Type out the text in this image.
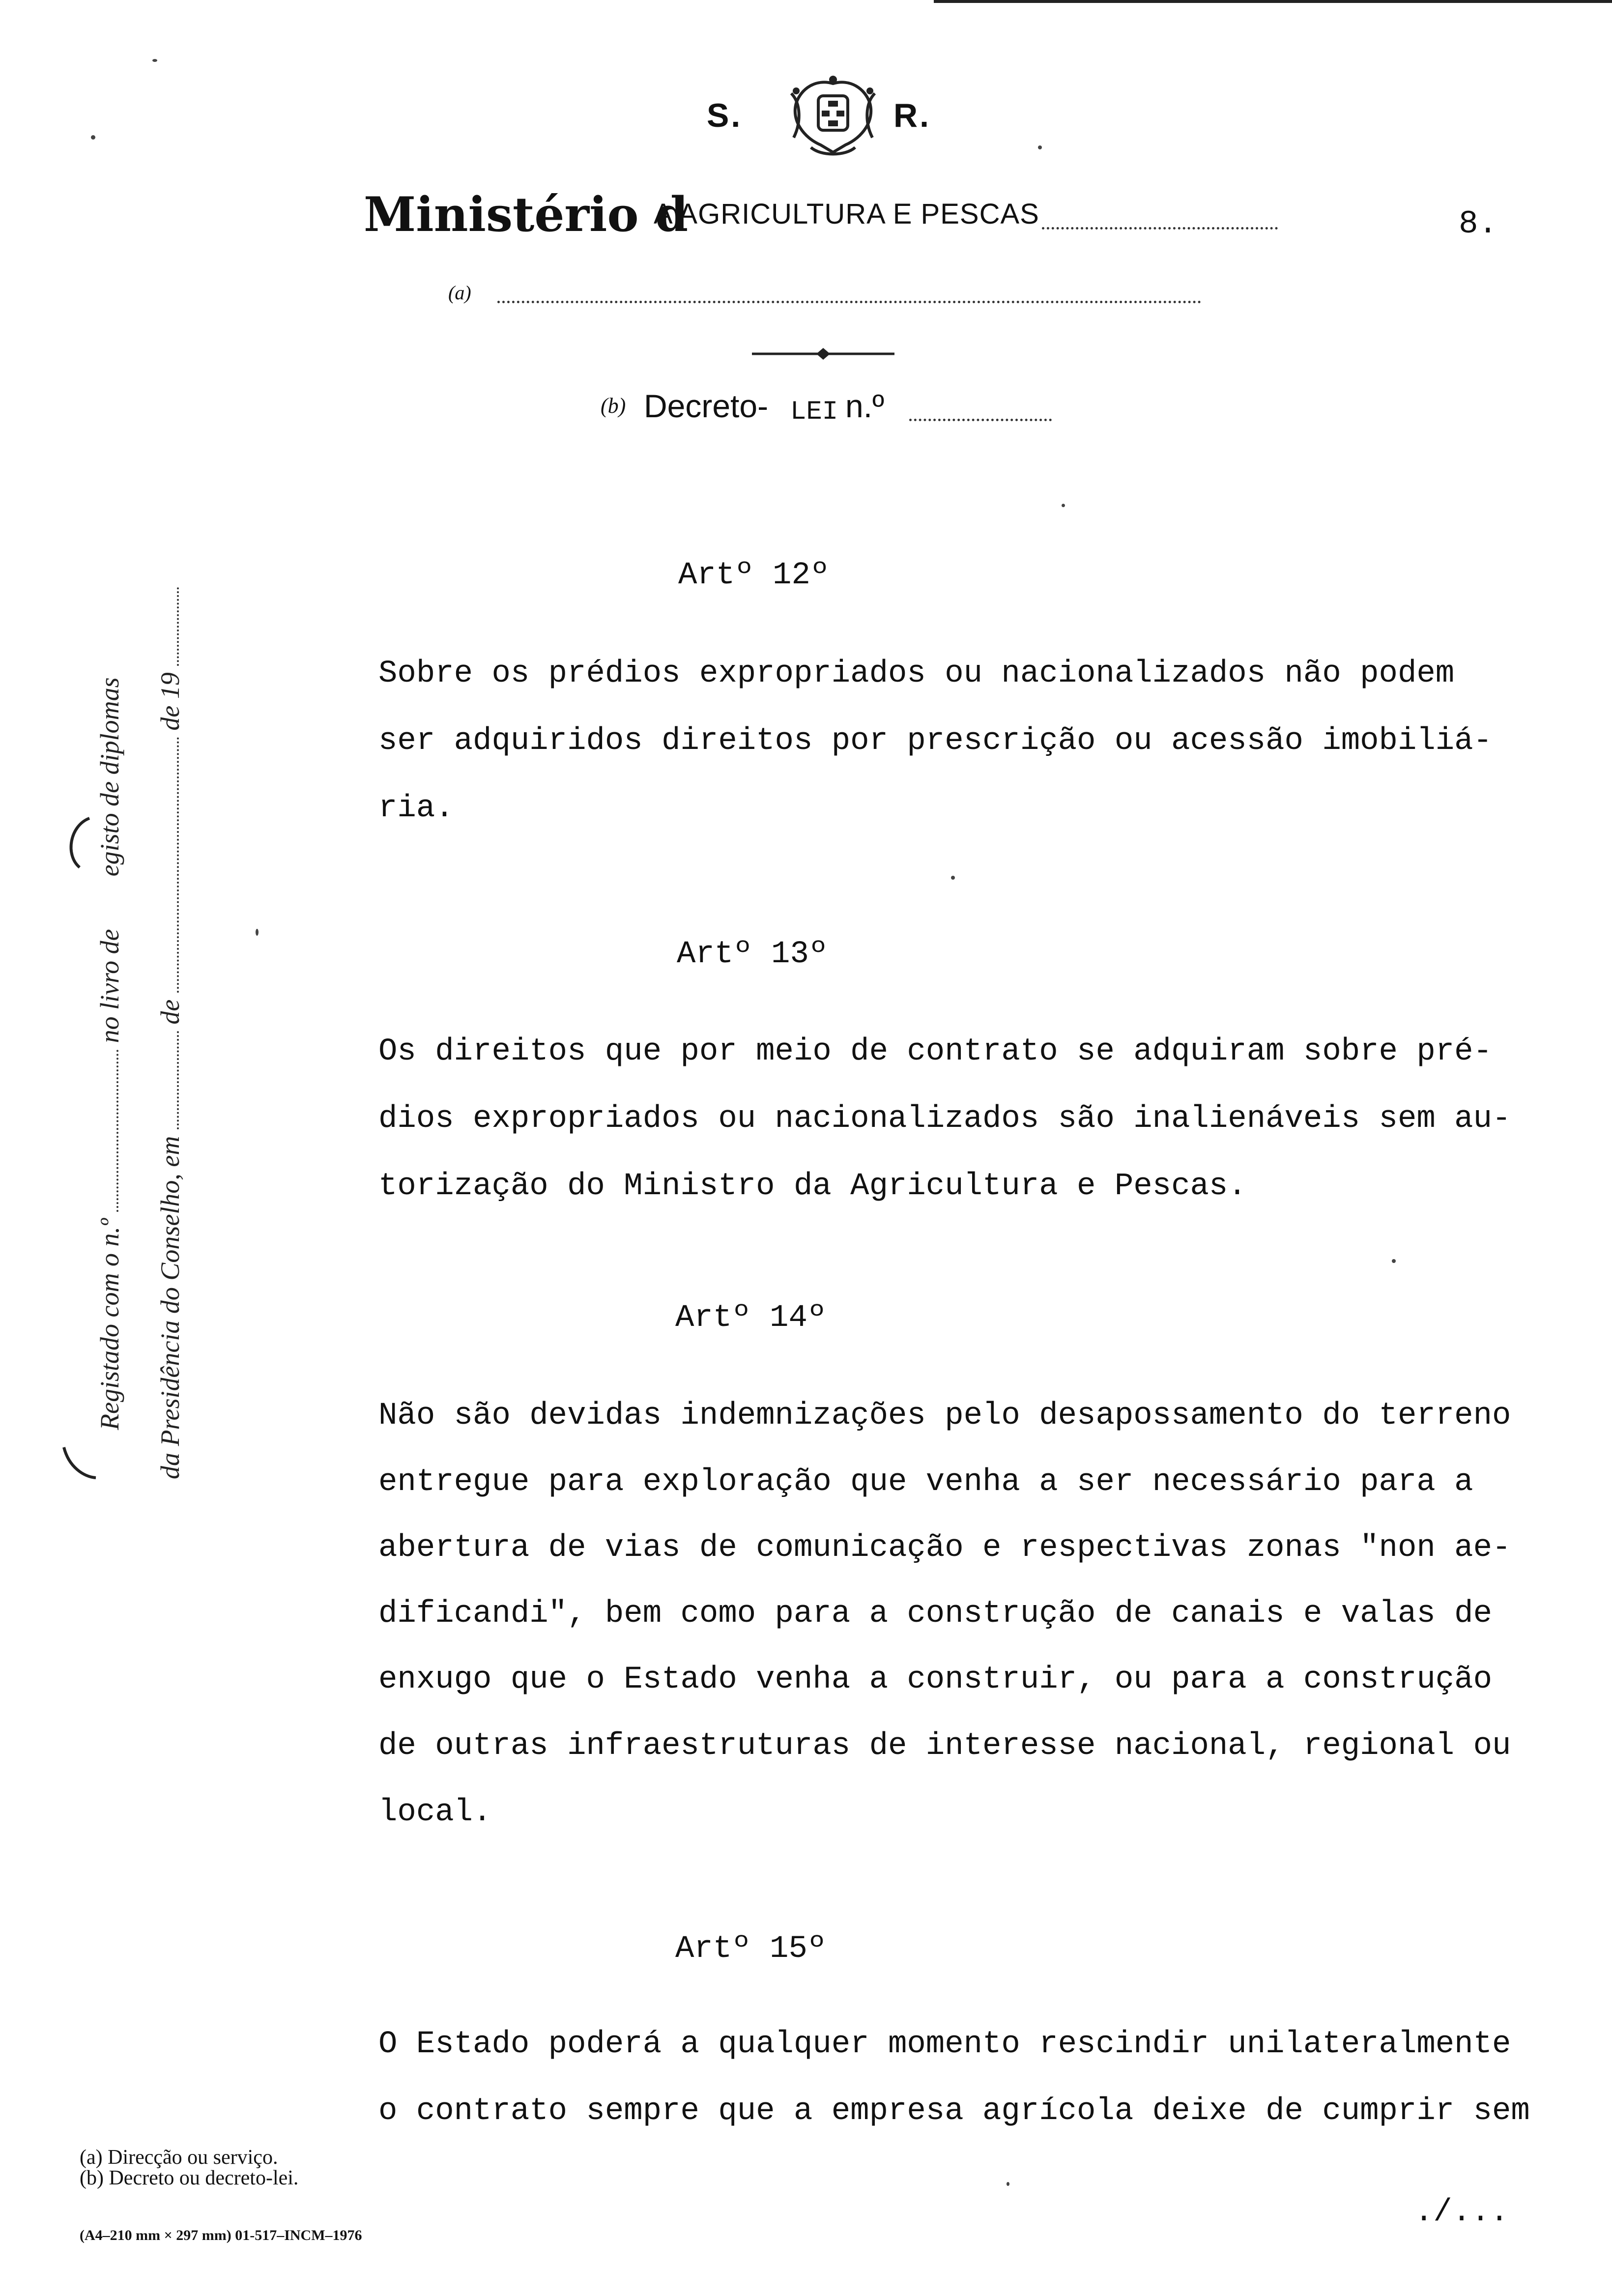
S.	R.
Ministério d
A AGRICULTURA E PESCAS	8.
(a)
(b) Decreto- LEI n.º
Registado com o n.º  no livro de  egisto de diplomas
da Presidência do Conselho, em  de  de 19
Artº 12º
Sobre os prédios expropriados ou nacionalizados não podem
ser adquiridos direitos por prescrição ou acessão imobiliá-
ria.
Artº 13º
Os direitos que por meio de contrato se adquiram sobre pré-
dios expropriados ou nacionalizados são inalienáveis sem au-
torização do Ministro da Agricultura e Pescas.
Artº 14º
Não são devidas indemnizações pelo desapossamento do terreno
entregue para exploração que venha a ser necessário para a
abertura de vias de comunicação e respectivas zonas "non ae-
dificandi", bem como para a construção de canais e valas de
enxugo que o Estado venha a construir, ou para a construção
de outras infraestruturas de interesse nacional, regional ou
local.
Artº 15º
O Estado poderá a qualquer momento rescindir unilateralmente
o contrato sempre que a empresa agrícola deixe de cumprir sem
(a) Direcção ou serviço.
(b) Decreto ou decreto-lei.
(A4–210 mm × 297 mm) 01-517–INCM–1976
./...
